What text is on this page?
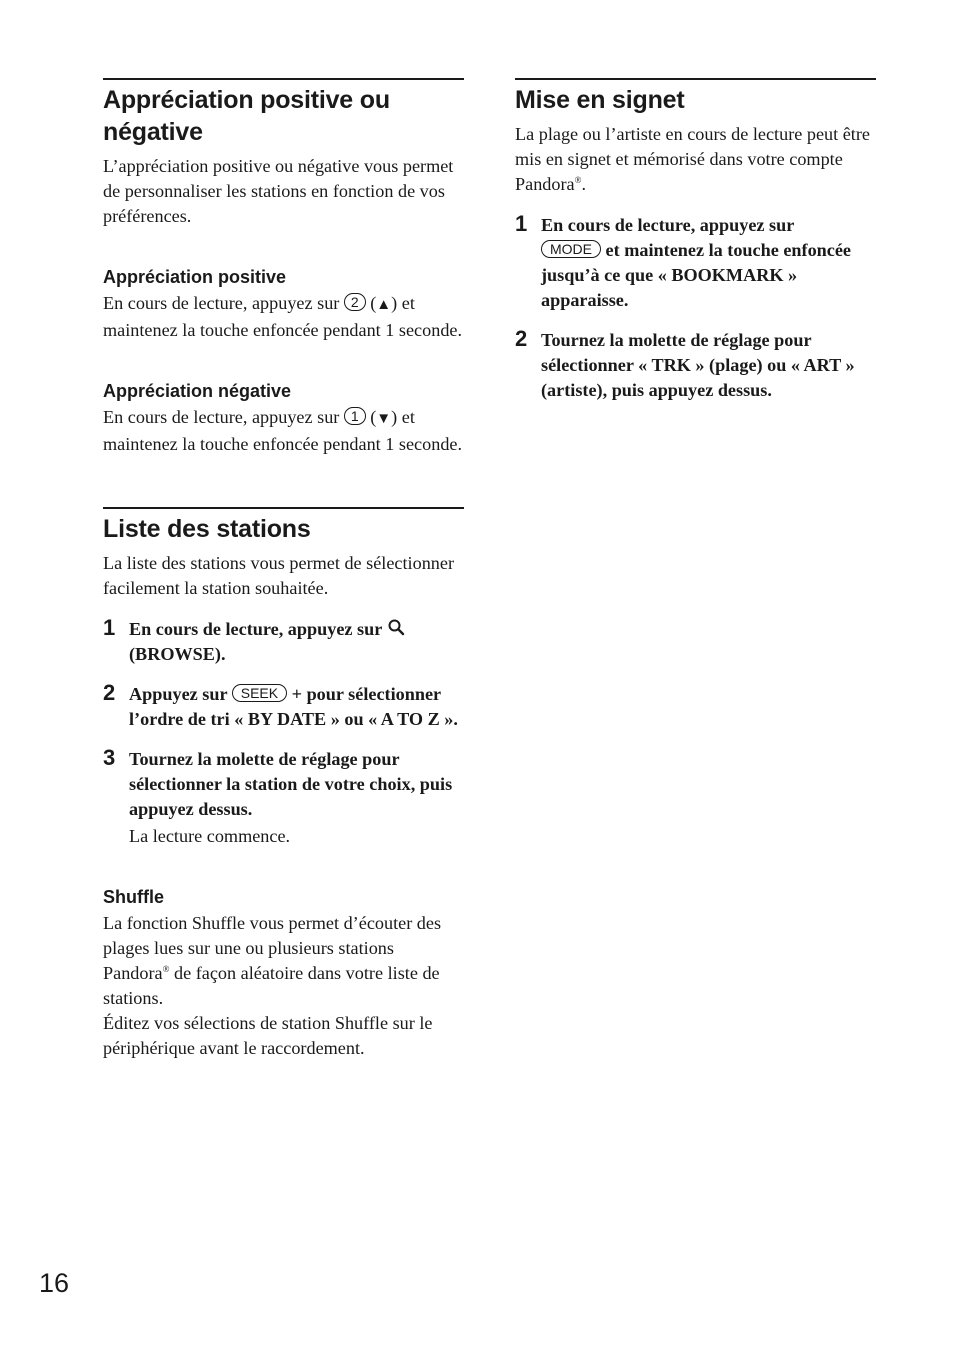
Appréciation positive ou négative

L’appréciation positive ou négative vous permet de personnaliser les stations en fonction de vos préférences.

Appréciation positive

En cours de lecture, appuyez sur 2 (▲) et maintenez la touche enfoncée pendant 1 seconde.

Appréciation négative

En cours de lecture, appuyez sur 1 (▼) et maintenez la touche enfoncée pendant 1 seconde.

Liste des stations

La liste des stations vous permet de sélectionner facilement la station souhaitée.

1 En cours de lecture, appuyez sur
(BROWSE).
2 Appuyez sur SEEK + pour sélectionner l’ordre de tri « BY DATE » ou « A TO Z ».
3 Tournez la molette de réglage pour sélectionner la station de votre choix, puis appuyez dessus.
La lecture commence.
Shuffle

La fonction Shuffle vous permet d’écouter des plages lues sur une ou plusieurs stations Pandora® de façon aléatoire dans votre liste de stations.

Éditez vos sélections de station Shuffle sur le périphérique avant le raccordement.

Mise en signet

La plage ou l’artiste en cours de lecture peut être mis en signet et mémorisé dans votre compte Pandora®.

1 En cours de lecture, appuyez sur
MODE et maintenez la touche enfoncée jusqu’à ce que « BOOKMARK » apparaisse.
2 Tournez la molette de réglage pour sélectionner « TRK » (plage) ou « ART » (artiste), puis appuyez dessus.
16
